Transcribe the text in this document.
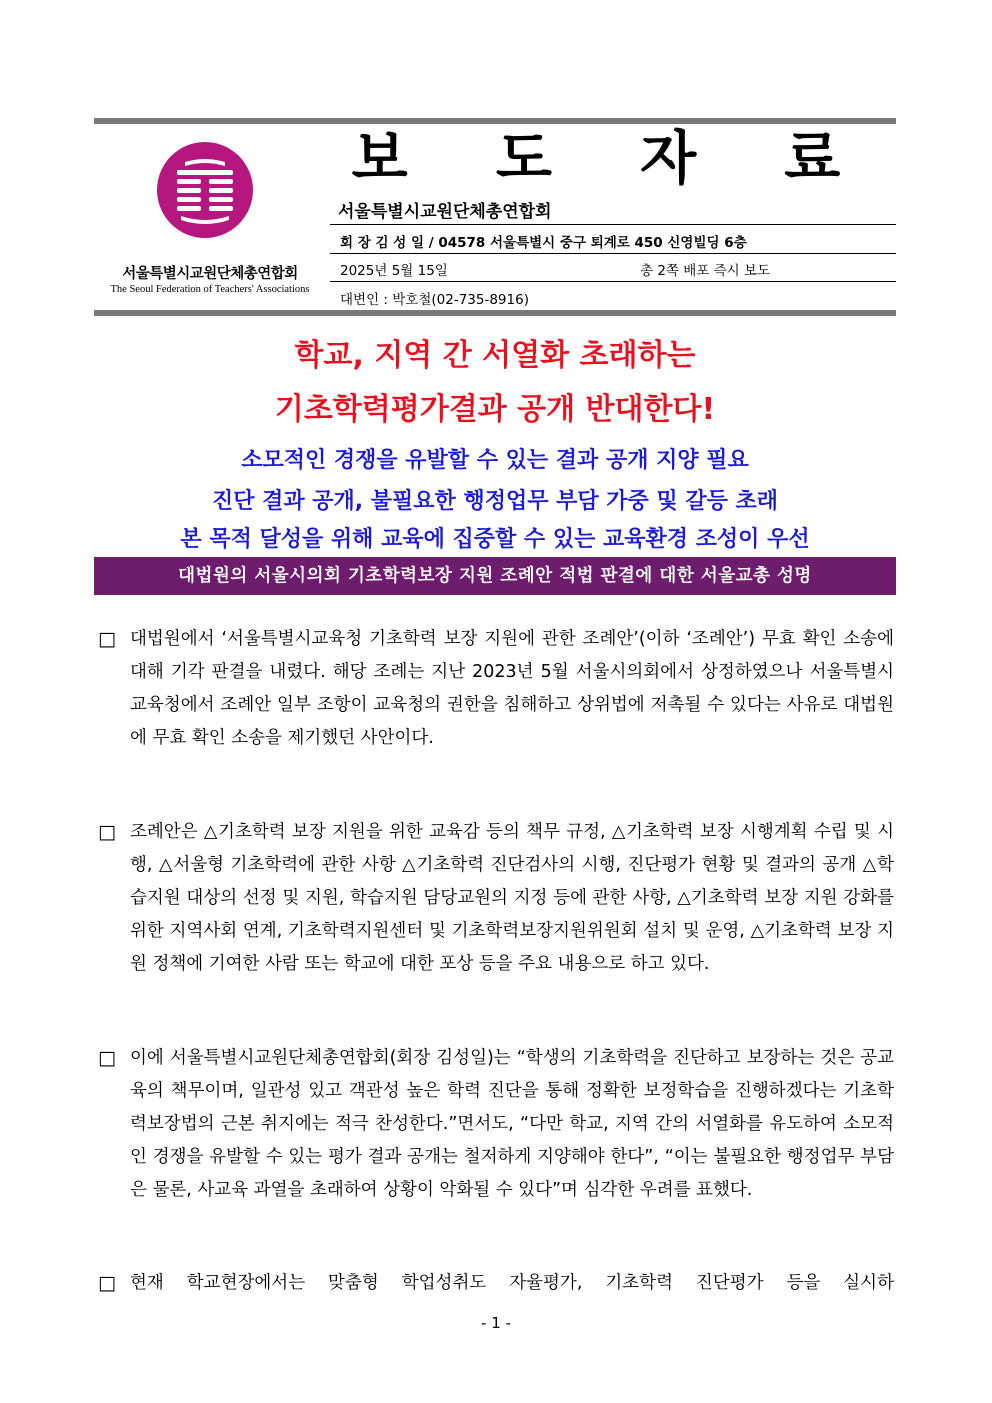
서울특별시교원단체총연합회
The Seoul Federation of Teachers' Associations
보 도 자 료
서울특별시교원단체총연합회
회 장 김 성 일 / 04578 서울특별시 중구 퇴계로 450 신영빌딩 6층
2025년 5월 15일	총 2쪽 배포 즉시 보도
대변인 : 박호철(02-735-8916)
학교, 지역 간 서열화 초래하는
기초학력평가결과 공개 반대한다!
소모적인 경쟁을 유발할 수 있는 결과 공개 지양 필요
진단 결과 공개, 불필요한 행정업무 부담 가중 및 갈등 초래
본 목적 달성을 위해 교육에 집중할 수 있는 교육환경 조성이 우선
대법원의 서울시의회 기초학력보장 지원 조례안 적법 판결에 대한 서울교총 성명
□ 대법원에서 ‘서울특별시교육청 기초학력 보장 지원에 관한 조례안’(이하 ‘조례안’) 무효 확인 소송에 대해 기각 판결을 내렸다. 해당 조례는 지난 2023년 5월 서울시의회에서 상정하였으나 서울특별시교육청에서 조례안 일부 조항이 교육청의 권한을 침해하고 상위법에 저촉될 수 있다는 사유로 대법원에 무효 확인 소송을 제기했던 사안이다.
□ 조례안은 △기초학력 보장 지원을 위한 교육감 등의 책무 규정, △기초학력 보장 시행계획 수립 및 시행, △서울형 기초학력에 관한 사항 △기초학력 진단검사의 시행, 진단평가 현황 및 결과의 공개 △학습지원 대상의 선정 및 지원, 학습지원 담당교원의 지정 등에 관한 사항, △기초학력 보장 지원 강화를 위한 지역사회 연계, 기초학력지원센터 및 기초학력보장지원위원회 설치 및 운영, △기초학력 보장 지원 정책에 기여한 사람 또는 학교에 대한 포상 등을 주요 내용으로 하고 있다.
□ 이에 서울특별시교원단체총연합회(회장 김성일)는 “학생의 기초학력을 진단하고 보장하는 것은 공교육의 책무이며, 일관성 있고 객관성 높은 학력 진단을 통해 정확한 보정학습을 진행하겠다는 기초학력보장법의 근본 취지에는 적극 찬성한다.”면서도, “다만 학교, 지역 간의 서열화를 유도하여 소모적인 경쟁을 유발할 수 있는 평가 결과 공개는 철저하게 지양해야 한다”, “이는 불필요한 행정업무 부담은 물론, 사교육 과열을 초래하여 상황이 악화될 수 있다”며 심각한 우려를 표했다.
□ 현재 학교현장에서는 맞춤형 학업성취도 자율평가, 기초학력 진단평가 등을 실시하
- 1 -
